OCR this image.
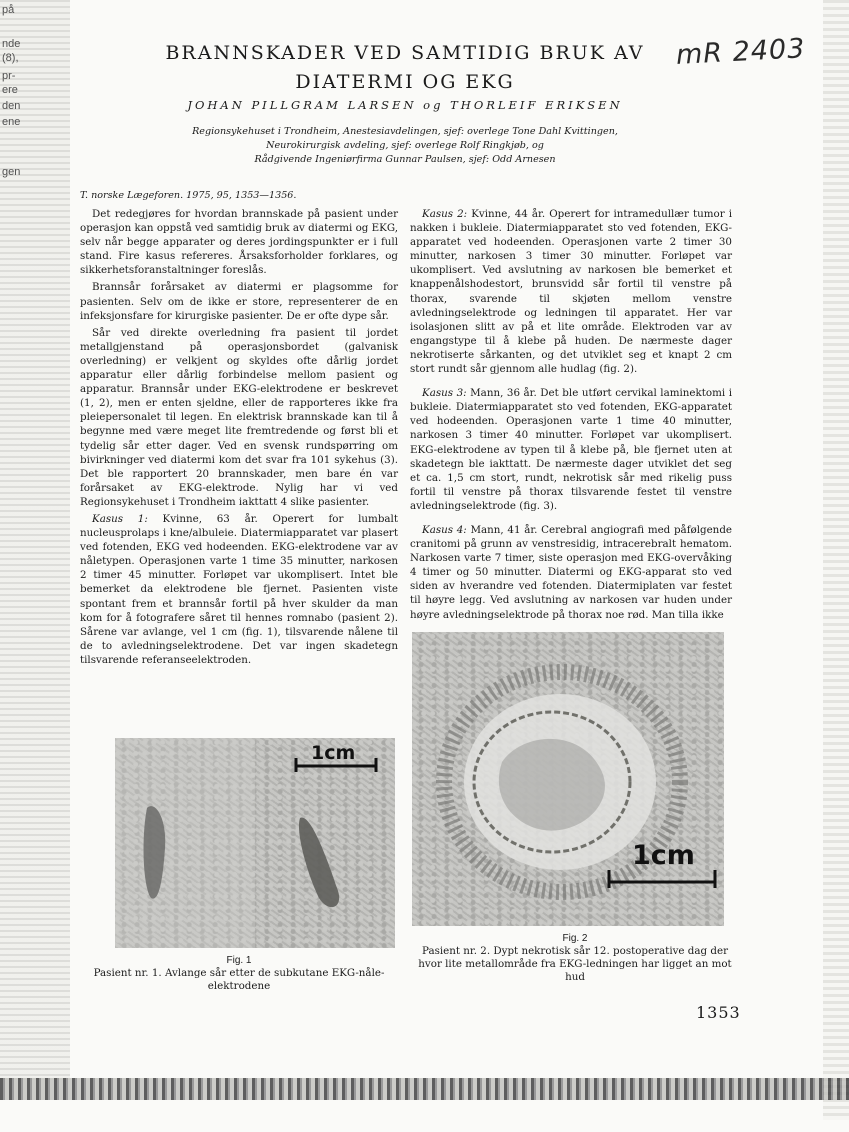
på
nde
(8),
pr-
ere
den
ene
gen
BRANNSKADER VED SAMTIDIG BRUK AV
DIATERMI OG EKG
mR 2403
JOHAN PILLGRAM LARSEN og THORLEIF ERIKSEN
Regionsykehuset i Trondheim, Anestesiavdelingen, sjef: overlege Tone Dahl Kvittingen,
Neurokirurgisk avdeling, sjef: overlege Rolf Ringkjøb, og
Rådgivende Ingeniørfirma Gunnar Paulsen, sjef: Odd Arnesen
T. norske Lægeforen. 1975, 95, 1353—1356.

Det redegjøres for hvordan brannskade på pasient under operasjon kan oppstå ved samtidig bruk av diatermi og EKG, selv når begge apparater og deres jordingspunkter er i full stand. Fire kasus refereres. Årsaksforholder forklares, og sikkerhetsforanstaltninger foreslås.

Brannsår forårsaket av diatermi er plagsomme for pasienten. Selv om de ikke er store, representerer de en infeksjonsfare for kirurgiske pasienter. De er ofte dype sår.

Sår ved direkte overledning fra pasient til jordet metallgjenstand på operasjonsbordet (galvanisk overledning) er velkjent og skyldes ofte dårlig jordet apparatur eller dårlig forbindelse mellom pasient og apparatur. Brannsår under EKG-elektrodene er beskrevet (1, 2), men er enten sjeldne, eller de rapporteres ikke fra pleiepersonalet til legen. En elektrisk brannskade kan til å begynne med være meget lite fremtredende og først bli et tydelig sår etter dager. Ved en svensk rundspørring om bivirkninger ved diatermi kom det svar fra 101 sykehus (3). Det ble rapportert 20 brannskader, men bare én var forårsaket av EKG-elektrode. Nylig har vi ved Regionsykehuset i Trondheim iakttatt 4 slike pasienter.

Kasus 1: Kvinne, 63 år. Operert for lumbalt nucleusprolaps i kne/albuleie. Diatermiapparatet var plasert ved fotenden, EKG ved hodeenden. EKG-elektrodene var av nåletypen. Operasjonen varte 1 time 35 minutter, narkosen 2 timer 45 minutter. Forløpet var ukomplisert. Intet ble bemerket da elektrodene ble fjernet. Pasienten viste spontant frem et brannsår fortil på hver skulder da man kom for å fotografere såret til hennes romnabo (pasient 2). Sårene var avlange, vel 1 cm (fig. 1), tilsvarende nålene til de to avledningselektrodene. Det var ingen skadetegn tilsvarende referanseelektroden.

Kasus 2: Kvinne, 44 år. Operert for intramedullær tumor i nakken i bukleie. Diatermiapparatet sto ved fotenden, EKG-apparatet ved hodeenden. Operasjonen varte 2 timer 30 minutter, narkosen 3 timer 30 minutter. Forløpet var ukomplisert. Ved avslutning av narkosen ble bemerket et knappenålshodestort, brunsvidd sår fortil til venstre på thorax, svarende til skjøten mellom venstre avledningselektrode og ledningen til apparatet. Her var isolasjonen slitt av på et lite område. Elektroden var av engangstype til å klebe på huden. De nærmeste dager nekrotiserte sårkanten, og det utviklet seg et knapt 2 cm stort rundt sår gjennom alle hudlag (fig. 2).

Kasus 3: Mann, 36 år. Det ble utført cervikal laminektomi i bukleie. Diatermiapparatet sto ved fotenden, EKG-apparatet ved hodeenden. Operasjonen varte 1 time 40 minutter, narkosen 3 timer 40 minutter. Forløpet var ukomplisert. EKG-elektrodene av typen til å klebe på, ble fjernet uten at skadetegn ble iakttatt. De nærmeste dager utviklet det seg et ca. 1,5 cm stort, rundt, nekrotisk sår med rikelig puss fortil til venstre på thorax tilsvarende festet til venstre avledningselektrode (fig. 3).

Kasus 4: Mann, 41 år. Cerebral angiografi med påfølgende cranitomi på grunn av venstresidig, intracerebralt hematom. Narkosen varte 7 timer, siste operasjon med EKG-overvåking 4 timer og 50 minutter. Diatermi og EKG-apparat sto ved siden av hverandre ved fotenden. Diatermiplaten var festet til høyre legg. Ved avslutning av narkosen var huden under høyre avledningselektrode på thorax noe rød. Man tilla ikke

1cm
1cm
Fig. 1
Pasient nr. 1. Avlange sår etter de subkutane EKG-nåle-elektrodene
Fig. 2
Pasient nr. 2. Dypt nekrotisk sår 12. postoperative dag der hvor lite metallområde fra EKG-ledningen har ligget an mot hud
1353
